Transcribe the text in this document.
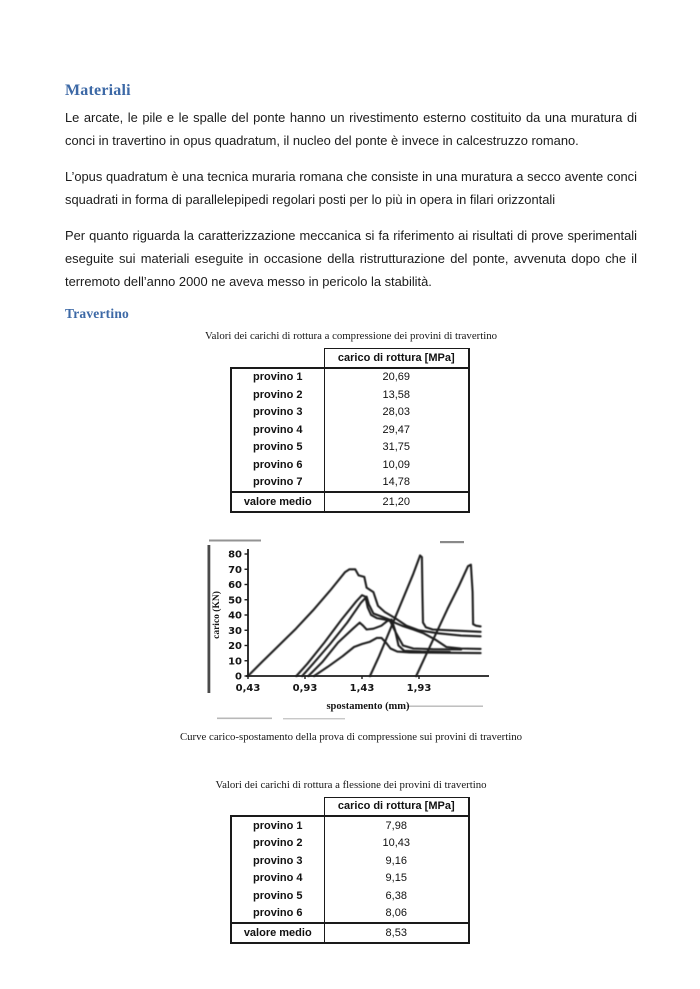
Materiali

Le arcate, le pile e le spalle del ponte hanno un rivestimento esterno costituito da una muratura di conci in travertino in opus quadratum, il nucleo del ponte è invece in calcestruzzo romano.

L’opus quadratum è una tecnica muraria romana che consiste in una muratura a secco avente conci squadrati in forma di parallelepipedi regolari posti per lo più in opera in filari orizzontali

Per quanto riguarda la caratterizzazione meccanica si fa riferimento ai risultati di prove sperimentali eseguite sui materiali eseguite in occasione della ristrutturazione del ponte, avvenuta dopo che il terremoto dell’anno 2000 ne aveva messo in pericolo la stabilità.

Travertino
Valori dei carichi di rottura a compressione dei provini di travertino
	carico di rottura [MPa]
provino 1	20,69
provino 2	13,58
provino 3	28,03
provino 4	29,47
provino 5	31,75
provino 6	10,09
provino 7	14,78
valore medio	21,20
0
10
20
30
40
50
60
70
80
0,43	0,93	1,43	1,93
spostamento (mm)
carico (KN)
Curve carico-spostamento della prova di compressione sui provini di travertino
Valori dei carichi di rottura a flessione dei provini di travertino
	carico di rottura [MPa]
provino 1	7,98
provino 2	10,43
provino 3	9,16
provino 4	9,15
provino 5	6,38
provino 6	8,06
valore medio	8,53
